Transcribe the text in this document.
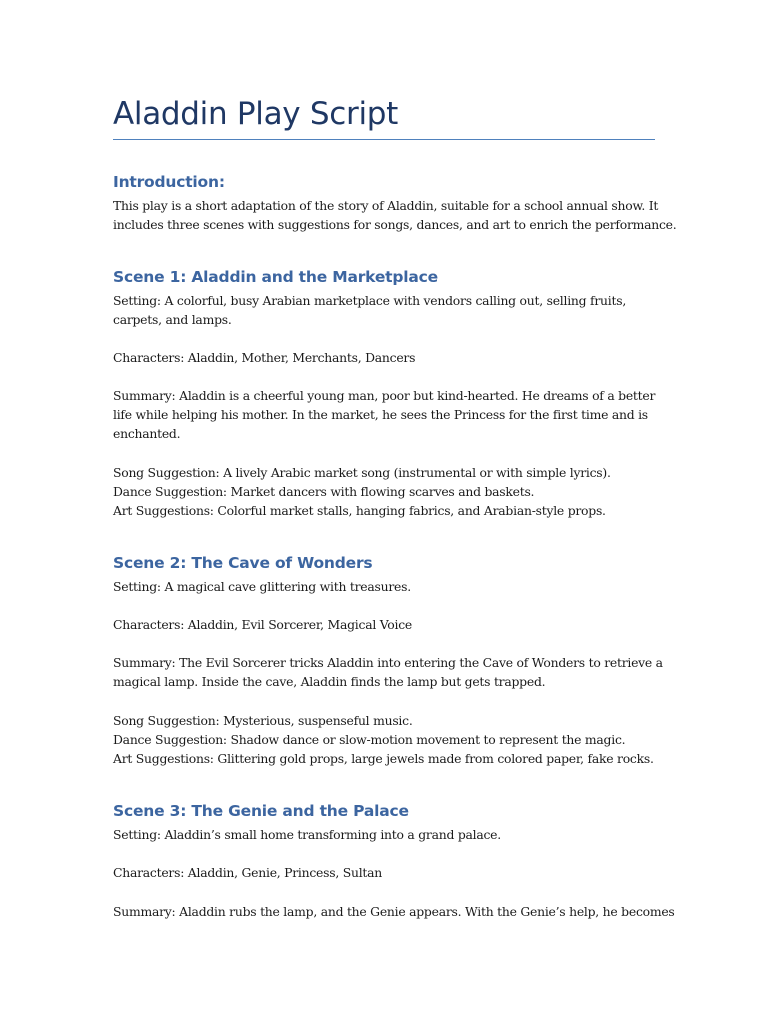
Aladdin Play Script
Introduction:

This play is a short adaptation of the story of Aladdin, suitable for a school annual show. It
includes three scenes with suggestions for songs, dances, and art to enrich the performance.

Scene 1: Aladdin and the Marketplace

Setting: A colorful, busy Arabian marketplace with vendors calling out, selling fruits,
carpets, and lamps.

Characters: Aladdin, Mother, Merchants, Dancers

Summary: Aladdin is a cheerful young man, poor but kind-hearted. He dreams of a better
life while helping his mother. In the market, he sees the Princess for the first time and is
enchanted.

Song Suggestion: A lively Arabic market song (instrumental or with simple lyrics).
Dance Suggestion: Market dancers with flowing scarves and baskets.
Art Suggestions: Colorful market stalls, hanging fabrics, and Arabian-style props.

Scene 2: The Cave of Wonders

Setting: A magical cave glittering with treasures.

Characters: Aladdin, Evil Sorcerer, Magical Voice

Summary: The Evil Sorcerer tricks Aladdin into entering the Cave of Wonders to retrieve a
magical lamp. Inside the cave, Aladdin finds the lamp but gets trapped.

Song Suggestion: Mysterious, suspenseful music.
Dance Suggestion: Shadow dance or slow-motion movement to represent the magic.
Art Suggestions: Glittering gold props, large jewels made from colored paper, fake rocks.

Scene 3: The Genie and the Palace

Setting: Aladdin’s small home transforming into a grand palace.

Characters: Aladdin, Genie, Princess, Sultan

Summary: Aladdin rubs the lamp, and the Genie appears. With the Genie’s help, he becomes
